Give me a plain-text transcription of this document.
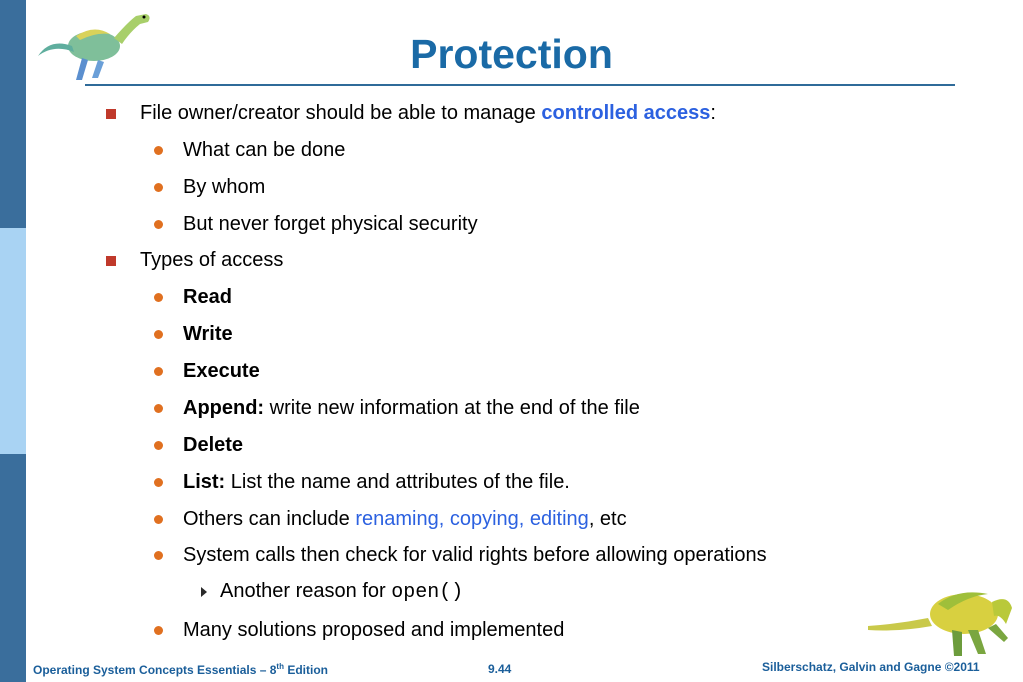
Protection
File owner/creator should be able to manage controlled access:
What can be done
By whom
But never forget physical security
Types of access
Read
Write
Execute
Append: write new information at the end of the file
Delete
List: List the name and attributes of the file.
Others can include renaming, copying, editing, etc
System calls then check for valid rights before allowing operations
Another reason for open()
Many solutions proposed and implemented
Operating System Concepts Essentials – 8th Edition	9.44	Silberschatz, Galvin and Gagne ©2011
